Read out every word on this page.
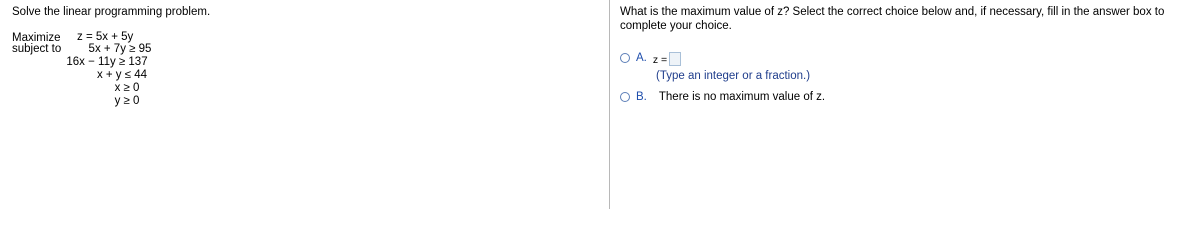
Solve the linear programming problem.
Maximize
subject to
z = 5x + 5y
5x + 7y ≥ 95
16x − 11y ≥ 137
x + y ≤ 44
x ≥ 0
y ≥ 0
What is the maximum value of z? Select the correct choice below and, if necessary, fill in the answer box to complete your choice.
A. z =
(Type an integer or a fraction.)
B. There is no maximum value of z.
